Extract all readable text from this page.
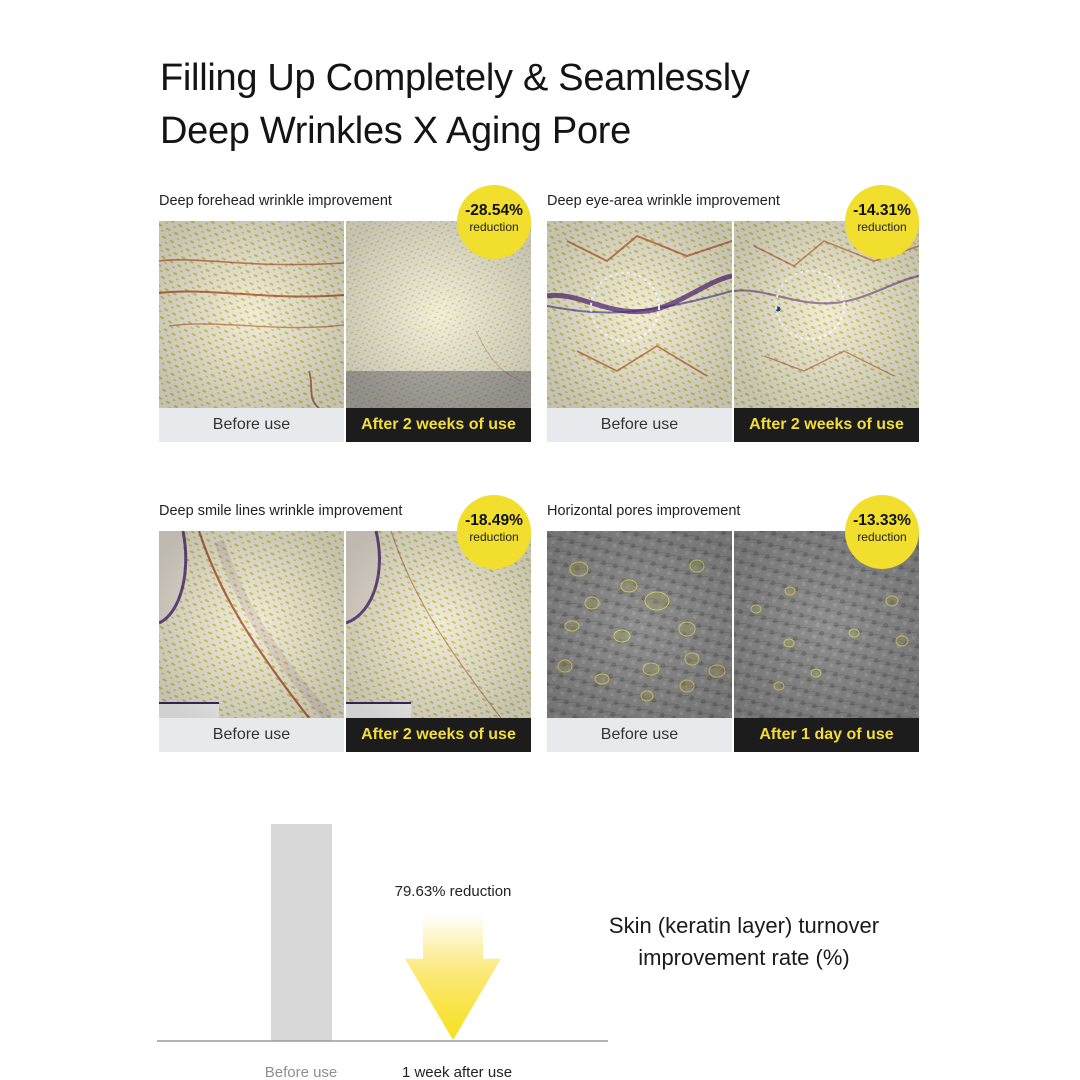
Filling Up Completely & Seamlessly
Deep Wrinkles X Aging Pore
Deep forehead wrinkle improvement
Before use	After 2 weeks of use
-28.54%
reduction
Deep eye-area wrinkle improvement
Before use	After 2 weeks of use
-14.31%
reduction
Deep smile lines wrinkle improvement
Before use	After 2 weeks of use
-18.49%
reduction
Horizontal pores improvement
Before use	After 1 day of use
-13.33%
reduction
79.63% reduction
Before use	1 week after use
Skin (keratin layer) turnover
improvement rate (%)
